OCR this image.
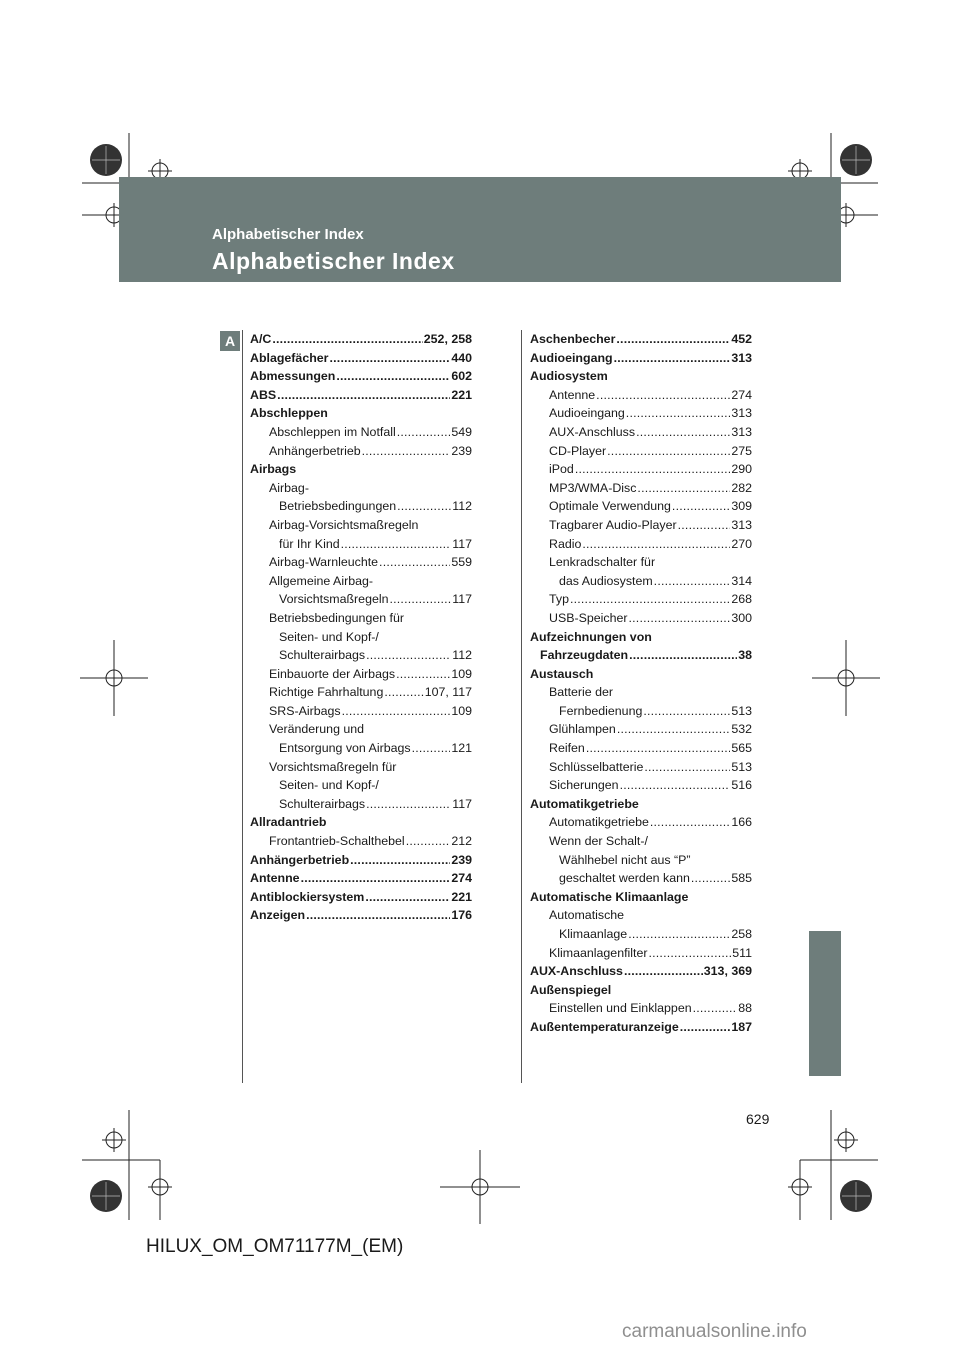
HILUX_OM_OM71177M_(EM).book Page 629 Wednesday, May 16, 2012 1:28 PM
Alphabetischer Index
Alphabetischer Index
A	A/C .....	252, 258
Ablagefächer .....	440
Abmessungen .....	602
ABS .....	221
Abschleppen
Abschleppen im Notfall .....	549
Anhängerbetrieb .....	239
Airbags
Airbag-
Betriebsbedingungen .....	112
Airbag-Vorsichtsmaßregeln
für Ihr Kind .....	117
Airbag-Warnleuchte .....	559
Allgemeine Airbag-
Vorsichtsmaßregeln .....	117
Betriebsbedingungen für
Seiten- und Kopf-/
Schulterairbags .....	112
Einbauorte der Airbags .....	109
Richtige Fahrhaltung .....	107, 117
SRS-Airbags .....	109
Veränderung und
Entsorgung von Airbags .....	121
Vorsichtsmaßregeln für
Seiten- und Kopf-/
Schulterairbags .....	117
Allradantrieb
Frontantrieb-Schalthebel .....	212
Anhängerbetrieb .....	239
Antenne .....	274
Antiblockiersystem .....	221
Anzeigen .....	176
Aschenbecher .....	452
Audioeingang .....	313
Audiosystem
Antenne .....	274
Audioeingang .....	313
AUX-Anschluss .....	313
CD-Player .....	275
iPod .....	290
MP3/WMA-Disc .....	282
Optimale Verwendung .....	309
Tragbarer Audio-Player .....	313
Radio .....	270
Lenkradschalter für
das Audiosystem .....	314
Typ .....	268
USB-Speicher .....	300
Aufzeichnungen von
Fahrzeugdaten .....	38
Austausch
Batterie der
Fernbedienung .....	513
Glühlampen .....	532
Reifen .....	565
Schlüsselbatterie .....	513
Sicherungen .....	516
Automatikgetriebe
Automatikgetriebe .....	166
Wenn der Schalt-/
Wählhebel nicht aus “P”
geschaltet werden kann .....	585
Automatische Klimaanlage
Automatische
Klimaanlage .....	258
Klimaanlagenfilter .....	511
AUX-Anschluss .....	313, 369
Außenspiegel
Einstellen und Einklappen .....	88
Außentemperaturanzeige .....	187
629
HILUX_OM_OM71177M_(EM)
carmanualsonline.info
